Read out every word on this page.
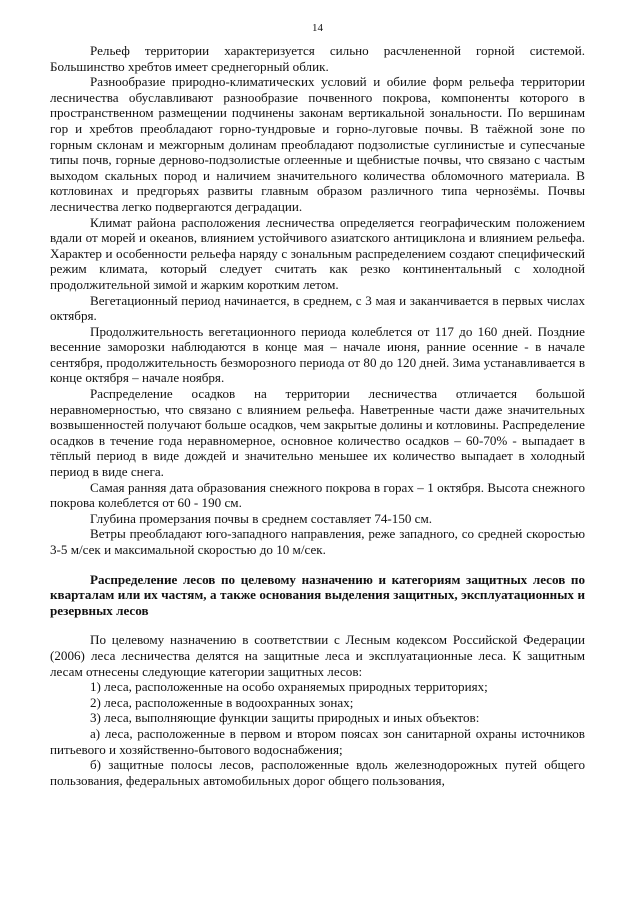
14

Рельеф территории характеризуется сильно расчлененной горной системой. Большинство хребтов имеет среднегорный облик.

Разнообразие природно-климатических условий и обилие форм рельефа территории лесничества обуславливают разнообразие почвенного покрова, компоненты которого в пространственном размещении подчинены законам вертикальной зональности. По вершинам гор и хребтов преобладают горно-тундровые и горно-луговые почвы. В таёжной зоне по горным склонам и межгорным долинам преобладают подзолистые суглинистые и супесчаные типы почв, горные дерново-подзолистые оглеенные и щебнистые почвы, что связано с частым выходом скальных пород и наличием значительного количества обломочного материала. В котловинах и предгорьях развиты главным образом различного типа чернозёмы. Почвы лесничества легко подвергаются деградации.

Климат района расположения лесничества определяется географическим положением вдали от морей и океанов, влиянием устойчивого азиатского антициклона и влиянием рельефа. Характер и особенности рельефа наряду с зональным распределением создают специфический режим климата, который следует считать как резко континентальный с холодной продолжительной зимой и жарким коротким летом.

Вегетационный период начинается, в среднем, с 3 мая и заканчивается в первых числах октября.

Продолжительность вегетационного периода колеблется от 117 до 160 дней. Поздние весенние заморозки наблюдаются в конце мая – начале июня, ранние осенние - в начале сентября, продолжительность безморозного периода от 80 до 120 дней. Зима устанавливается в конце октября – начале ноября.

Распределение осадков на территории лесничества отличается большой неравномерностью, что связано с влиянием рельефа. Наветренные части даже значительных возвышенностей получают больше осадков, чем закрытые долины и котловины. Распределение осадков в течение года неравномерное, основное количество осадков – 60-70% - выпадает в тёплый период в виде дождей и значительно меньшее их количество выпадает в холодный период в виде снега.

Самая ранняя дата образования снежного покрова в горах – 1 октября. Высота снежного покрова колеблется от 60 - 190 см.

Глубина промерзания почвы в среднем составляет 74-150 см.

Ветры преобладают юго-западного направления, реже западного, со средней скоростью 3-5 м/сек и максимальной скоростью до 10 м/сек.

Распределение лесов по целевому назначению и категориям защитных лесов по кварталам или их частям, а также основания выделения защитных, эксплуатационных и резервных лесов

По целевому назначению в соответствии с Лесным кодексом Российской Федерации (2006) леса лесничества делятся на защитные леса и эксплуатационные леса. К защитным лесам отнесены следующие категории защитных лесов:

1) леса, расположенные на особо охраняемых природных территориях;

2) леса, расположенные в водоохранных зонах;

3) леса, выполняющие функции защиты природных и иных объектов:

а) леса, расположенные в первом и втором поясах зон санитарной охраны источников питьевого и хозяйственно-бытового водоснабжения;

б) защитные полосы лесов, расположенные вдоль железнодорожных путей общего пользования, федеральных автомобильных дорог общего пользования,
